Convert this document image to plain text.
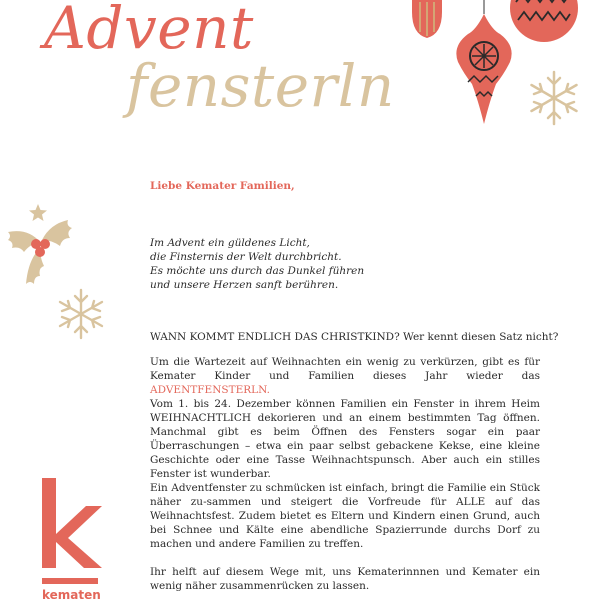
Advent
fensterln
Liebe Kemater Familien,
Im Advent ein güldenes Licht,
die Finsternis der Welt durchbricht.
Es möchte uns durch das Dunkel führen
und unsere Herzen sanft berühren.
WANN KOMMT ENDLICH DAS CHRISTKIND? Wer kennt diesen Satz nicht?

Um die Wartezeit auf Weihnachten ein wenig zu verkürzen, gibt es für Kemater Kinder und Familien dieses Jahr wieder das ADVENTFENSTERLN.

Vom 1. bis 24. Dezember können Familien ein Fenster in ihrem Heim WEIHNACHTLICH dekorieren und an einem bestimmten Tag öffnen. Manchmal gibt es beim Öffnen des Fensters sogar ein paar Überraschungen – etwa ein paar selbst gebackene Kekse, eine kleine Geschichte oder eine Tasse Weihnachtspunsch. Aber auch ein stilles Fenster ist wunderbar.

Ein Adventfenster zu schmücken ist einfach, bringt die Familie ein Stück näher zu-sammen und steigert die Vorfreude für ALLE auf das Weihnachtsfest. Zudem bietet es Eltern und Kindern einen Grund, auch bei Schnee und Kälte eine abendliche Spazierrunde durchs Dorf zu machen und andere Familien zu treffen.

Ihr helft auf diesem Wege mit, uns Kematerinnnen und Kemater ein wenig näher zusammenrücken zu lassen.

kematen
